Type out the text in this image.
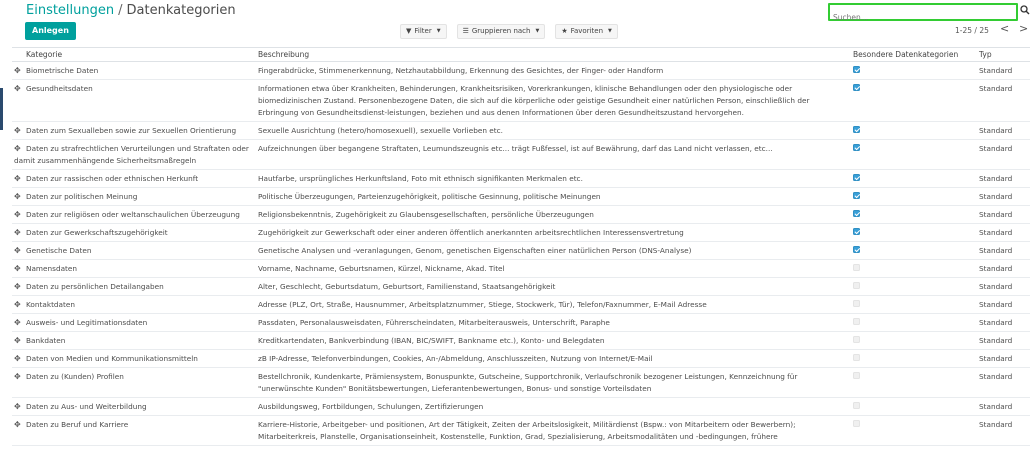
Einstellungen / Datenkategorien
Anlegen
Suchen...	▼ Filter ▼	☰ Gruppieren nach ▼	★ Favoriten ▼	1-25 / 25 < >
Kategorie	Beschreibung	Besondere Datenkategorien	Typ
✥ Biometrische Daten	Fingerabdrücke, Stimmenerkennung, Netzhautabbildung, Erkennung des Gesichtes, der Finger- oder Handform		Standard
✥ Gesundheitsdaten	Informationen etwa über Krankheiten, Behinderungen, Krankheitsrisiken, Vorerkrankungen, klinische Behandlungen oder den physiologische oder biomedizinischen Zustand. Personenbezogene Daten, die sich auf die körperliche oder geistige Gesundheit einer natürlichen Person, einschließlich der Erbringung von Gesundheitsdienst-leistungen, beziehen und aus denen Informationen über deren Gesundheitszustand hervorgehen.		Standard
✥ Daten zum Sexualleben sowie zur Sexuellen Orientierung	Sexuelle Ausrichtung (hetero/homosexuell), sexuelle Vorlieben etc.		Standard
✥ Daten zu strafrechtlichen Verurteilungen und Straftaten oder damit zusammenhängende Sicherheitsmaßregeln	Aufzeichnungen über begangene Straftaten, Leumundszeugnis etc... trägt Fußfessel, ist auf Bewährung, darf das Land nicht verlassen, etc...		Standard
✥ Daten zur rassischen oder ethnischen Herkunft	Hautfarbe, ursprüngliches Herkunftsland, Foto mit ethnisch signifikanten Merkmalen etc.		Standard
✥ Daten zur politischen Meinung	Politische Überzeugungen, Parteienzugehörigkeit, politische Gesinnung, politische Meinungen		Standard
✥ Daten zur religiösen oder weltanschaulichen Überzeugung	Religionsbekenntnis, Zugehörigkeit zu Glaubensgesellschaften, persönliche Überzeugungen		Standard
✥ Daten zur Gewerkschaftszugehörigkeit	Zugehörigkeit zur Gewerkschaft oder einer anderen öffentlich anerkannten arbeitsrechtlichen Interessensvertretung		Standard
✥ Genetische Daten	Genetische Analysen und -veranlagungen, Genom, genetischen Eigenschaften einer natürlichen Person (DNS-Analyse)		Standard
✥ Namensdaten	Vorname, Nachname, Geburtsnamen, Kürzel, Nickname, Akad. Titel		Standard
✥ Daten zu persönlichen Detailangaben	Alter, Geschlecht, Geburtsdatum, Geburtsort, Familienstand, Staatsangehörigkeit		Standard
✥ Kontaktdaten	Adresse (PLZ, Ort, Straße, Hausnummer, Arbeitsplatznummer, Stiege, Stockwerk, Tür), Telefon/Faxnummer, E-Mail Adresse		Standard
✥ Ausweis- und Legitimationsdaten	Passdaten, Personalausweisdaten, Führerscheindaten, Mitarbeiterausweis, Unterschrift, Paraphe		Standard
✥ Bankdaten	Kreditkartendaten, Bankverbindung (IBAN, BIC/SWIFT, Bankname etc.), Konto- und Belegdaten		Standard
✥ Daten von Medien und Kommunikationsmitteln	zB IP-Adresse, Telefonverbindungen, Cookies, An-/Abmeldung, Anschlusszeiten, Nutzung von Internet/E-Mail		Standard
✥ Daten zu (Kunden) Profilen	Bestellchronik, Kundenkarte, Prämiensystem, Bonuspunkte, Gutscheine, Supportchronik, Verlaufschronik bezogener Leistungen, Kennzeichnung für "unerwünschte Kunden" Bonitätsbewertungen, Lieferantenbewertungen, Bonus- und sonstige Vorteilsdaten		Standard
✥ Daten zu Aus- und Weiterbildung	Ausbildungsweg, Fortbildungen, Schulungen, Zertifizierungen		Standard
✥ Daten zu Beruf und Karriere	Karriere-Historie, Arbeitgeber- und positionen, Art der Tätigkeit, Zeiten der Arbeitslosigkeit, Militärdienst (Bspw.: von Mitarbeitern oder Bewerbern); Mitarbeiterkreis, Planstelle, Organisationseinheit, Kostenstelle, Funktion, Grad, Spezialisierung, Arbeitsmodalitäten und -bedingungen, frühere		Standard
